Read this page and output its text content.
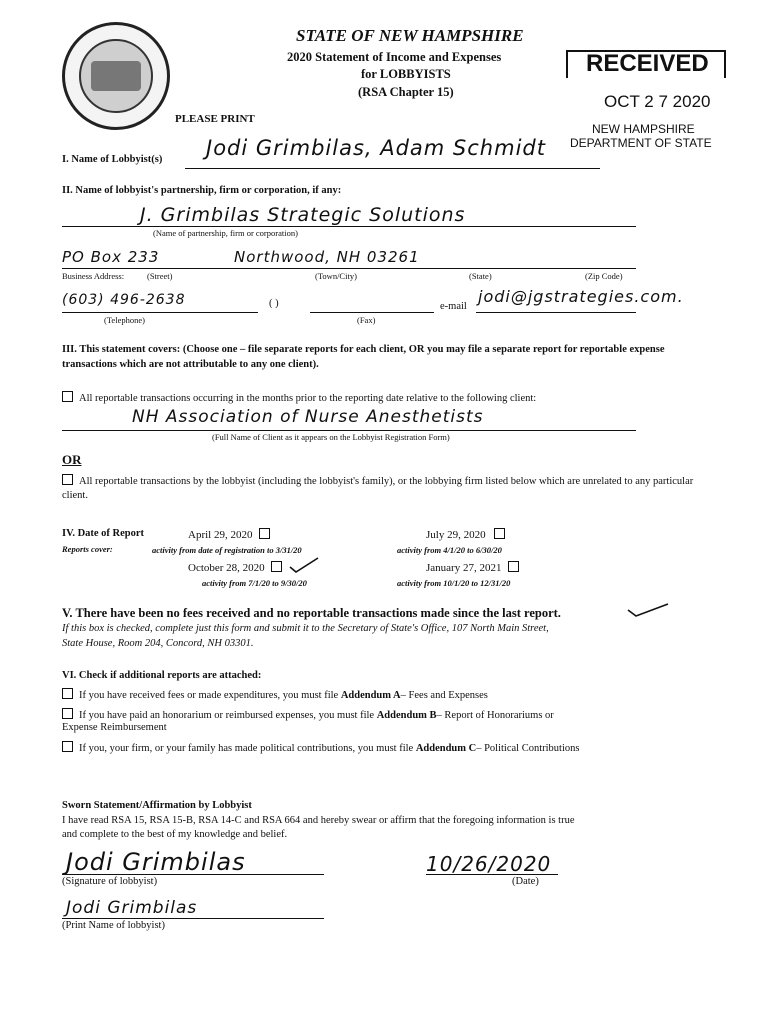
STATE OF NEW HAMPSHIRE
2020 Statement of Income and Expenses
for LOBBYISTS
(RSA Chapter 15)
PLEASE PRINT
RECEIVED
OCT 2 7 2020
NEW HAMPSHIRE
DEPARTMENT OF STATE
I. Name of Lobbyist(s) Jodi Grimbilas, Adam Schmidt
II. Name of lobbyist's partnership, firm or corporation, if any:
J. Grimbilas Strategic Solutions
(Name of partnership, firm or corporation)
PO Box 233	Northwood, NH 03261
Business Address:	(Street)	(Town/City)	(State)	(Zip Code)
(603) 496-2638
(Telephone)
( )
(Fax)
e-mail
jodi@jgstrategies.com.
III. This statement covers: (Choose one – file separate reports for each client, OR you may file a separate report for reportable expense transactions which are not attributable to any one client).
All reportable transactions occurring in the months prior to the reporting date relative to the following client:
NH Association of Nurse Anesthetists
(Full Name of Client as it appears on the Lobbyist Registration Form)
OR
All reportable transactions by the lobbyist (including the lobbyist's family), or the lobbying firm listed below which are unrelated to any particular client.
IV. Date of Report
Reports cover:
April 29, 2020
activity from date of registration to 3/31/20
July 29, 2020
activity from 4/1/20 to 6/30/20
October 28, 2020
activity from 7/1/20 to 9/30/20
January 27, 2021
activity from 10/1/20 to 12/31/20
V. There have been no fees received and no reportable transactions made since the last report.
If this box is checked, complete just this form and submit it to the Secretary of State's Office, 107 North Main Street,
State House, Room 204, Concord, NH 03301.
VI. Check if additional reports are attached:
If you have received fees or made expenditures, you must file Addendum A– Fees and Expenses
If you have paid an honorarium or reimbursed expenses, you must file Addendum B– Report of Honorariums or
Expense Reimbursement
If you, your firm, or your family has made political contributions, you must file Addendum C– Political Contributions
Sworn Statement/Affirmation by Lobbyist
I have read RSA 15, RSA 15-B, RSA 14-C and RSA 664 and hereby swear or affirm that the foregoing information is true
and complete to the best of my knowledge and belief.
Jodi Grimbilas
(Signature of lobbyist)
10/26/2020
(Date)
Jodi Grimbilas
(Print Name of lobbyist)
